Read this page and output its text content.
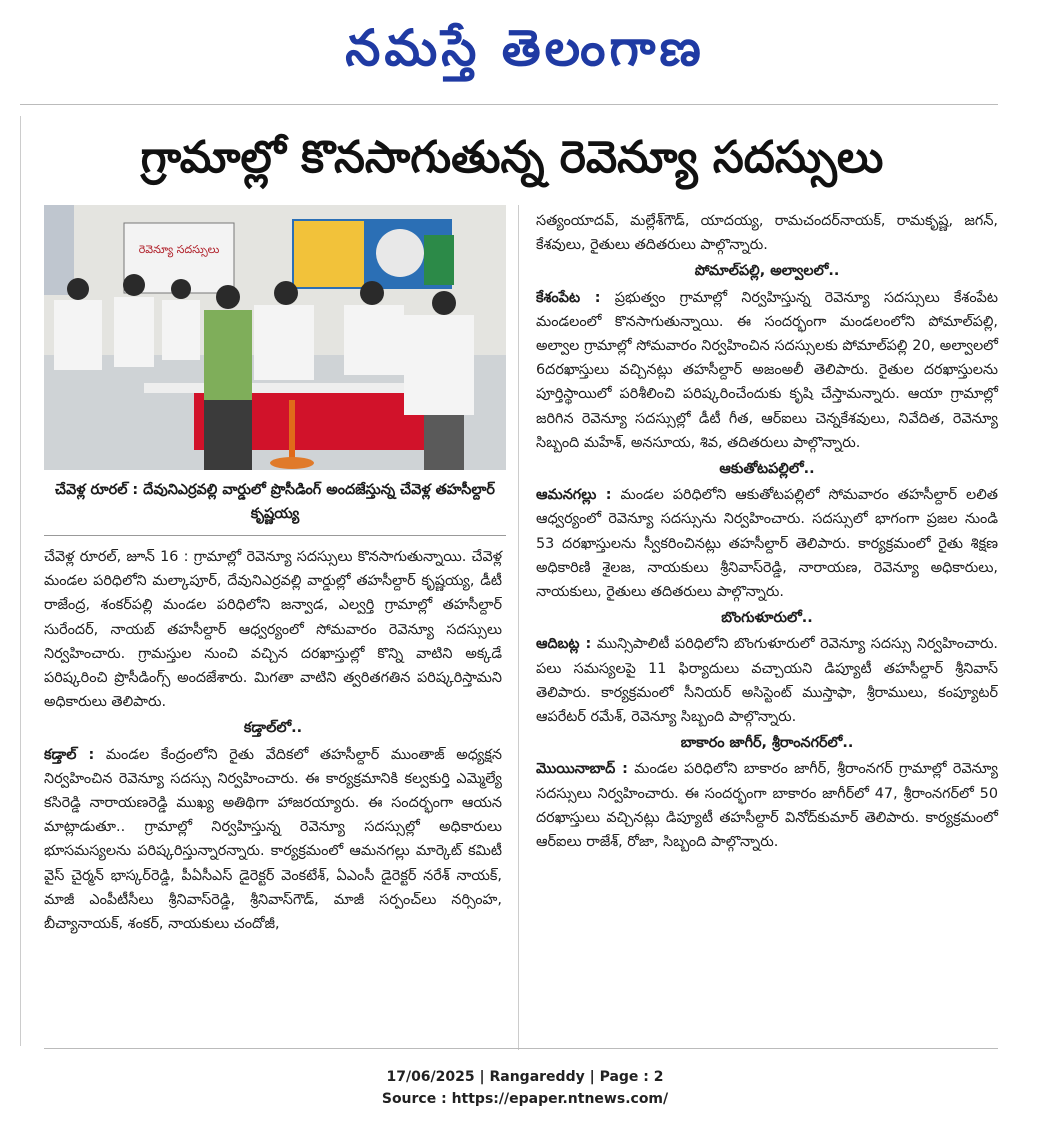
నమస్తే తెలంగాణ
గ్రామాల్లో కొనసాగుతున్న రెవెన్యూ సదస్సులు
రెవెన్యూ సదస్సులు
చేవెళ్ల రూరల్ : దేవునిఎర్రవల్లి వార్డులో ప్రొసీడింగ్ అందజేస్తున్న చేవెళ్ల తహసీల్దార్ కృష్ణయ్య

చేవెళ్ల రూరల్, జూన్ 16 : గ్రామాల్లో రెవెన్యూ సదస్సులు కొనసాగుతున్నాయి. చేవెళ్ల మండల పరిధిలోని మల్కాపూర్, దేవునిఎర్రవల్లి వార్డుల్లో తహసీల్దార్ కృష్ణయ్య, డీటీ రాజేంద్ర, శంకర్‌పల్లి మండల పరిధిలోని జన్వాడ, ఎల్వర్తి గ్రామాల్లో తహసీల్దార్ సురేందర్, నాయబ్ తహసీల్దార్ ఆధ్వర్యంలో సోమవారం రెవెన్యూ సదస్సులు నిర్వహించారు. గ్రామస్తుల నుంచి వచ్చిన దరఖాస్తుల్లో కొన్ని వాటిని అక్కడే పరిష్కరించి ప్రొసీడింగ్స్ అందజేశారు. మిగతా వాటిని త్వరితగతిన పరిష్కరిస్తామని అధికారులు తెలిపారు.

కడ్తాల్‌లో..

కడ్తాల్ : మండల కేంద్రంలోని రైతు వేదికలో తహసీల్దార్ ముంతాజ్ అధ్యక్షన నిర్వహించిన రెవెన్యూ సదస్సు నిర్వహించారు. ఈ కార్యక్రమానికి కల్వకుర్తి ఎమ్మెల్యే కసిరెడ్డి నారాయణరెడ్డి ముఖ్య అతిథిగా హాజరయ్యారు. ఈ సందర్భంగా ఆయన మాట్లాడుతూ.. గ్రామాల్లో నిర్వహిస్తున్న రెవెన్యూ సదస్సుల్లో అధికారులు భూసమస్యలను పరిష్కరిస్తున్నారన్నారు. కార్యక్రమంలో ఆమనగల్లు మార్కెట్ కమిటీ వైస్ చైర్మన్ భాస్కర్‌రెడ్డి, పీఏసీఎస్ డైరెక్టర్ వెంకటేశ్, ఏఎంసీ డైరెక్టర్ నరేశ్ నాయక్, మాజీ ఎంపీటీసీలు శ్రీనివాస్‌రెడ్డి, శ్రీనివాస్‌గౌడ్, మాజీ సర్పంచ్‌లు నర్సింహ, బీచ్యానాయక్, శంకర్, నాయకులు చందోజీ,

సత్యంయాదవ్, మల్లేశ్‌గౌడ్, యాదయ్య, రామచందర్‌నాయక్, రామకృష్ణ, జగన్, కేశవులు, రైతులు తదితరులు పాల్గొన్నారు.

పోమాల్‌పల్లి, అల్వాలలో..

కేశంపేట : ప్రభుత్వం గ్రామాల్లో నిర్వహిస్తున్న రెవెన్యూ సదస్సులు కేశంపేట మండలంలో కొనసాగుతున్నాయి. ఈ సందర్భంగా మండలంలోని పోమాల్‌పల్లి, అల్వాల గ్రామాల్లో సోమవారం నిర్వహించిన సదస్సులకు పోమాల్‌పల్లి 20, అల్వాలలో 6దరఖాస్తులు వచ్చినట్లు తహసీల్దార్ అజంఅలీ తెలిపారు. రైతుల దరఖాస్తులను పూర్తిస్థాయిలో పరిశీలించి పరిష్కరించేందుకు కృషి చేస్తామన్నారు. ఆయా గ్రామాల్లో జరిగిన రెవెన్యూ సదస్సుల్లో డీటీ గీత, ఆర్ఐలు చెన్నకేశవులు, నివేదిత, రెవెన్యూ సిబ్బంది మహేశ్, అనసూయ, శివ, తదితరులు పాల్గొన్నారు.

ఆకుతోటపల్లిలో..

ఆమనగల్లు : మండల పరిధిలోని ఆకుతోటపల్లిలో సోమవారం తహసీల్దార్ లలిత ఆధ్వర్యంలో రెవెన్యూ సదస్సును నిర్వహించారు. సదస్సులో భాగంగా ప్రజల నుండి 53 దరఖాస్తులను స్వీకరించినట్లు తహసీల్దార్ తెలిపారు. కార్యక్రమంలో రైతు శిక్షణ అధికారిణి శైలజ, నాయకులు శ్రీనివాస్‌రెడ్డి, నారాయణ, రెవెన్యూ అధికారులు, నాయకులు, రైతులు తదితరులు పాల్గొన్నారు.

బొంగుళూరులో..

ఆదిబట్ల : మున్సిపాలిటీ పరిధిలోని బొంగుళూరులో రెవెన్యూ సదస్సు నిర్వహించారు. పలు సమస్యలపై 11 ఫిర్యాదులు వచ్చాయని డిప్యూటీ తహసీల్దార్ శ్రీనివాస్ తెలిపారు. కార్యక్రమంలో సీనియర్ అసిస్టెంట్ ముస్తాఫా, శ్రీరాములు, కంప్యూటర్ ఆపరేటర్ రమేశ్, రెవెన్యూ సిబ్బంది పాల్గొన్నారు.

బాకారం జాగీర్, శ్రీరాంనగర్‌లో..

మొయినాబాద్ : మండల పరిధిలోని బాకారం జాగీర్, శ్రీరాంనగర్ గ్రామాల్లో రెవెన్యూ సదస్సులు నిర్వహించారు. ఈ సందర్భంగా బాకారం జాగీర్‌లో 47, శ్రీరాంనగర్‌లో 50 దరఖాస్తులు వచ్చినట్లు డిప్యూటీ తహసీల్దార్ వినోద్‌కుమార్ తెలిపారు. కార్యక్రమంలో ఆర్ఐలు రాజేశ్, రోజా, సిబ్బంది పాల్గొన్నారు.

17/06/2025 | Rangareddy | Page : 2
Source : https://epaper.ntnews.com/
